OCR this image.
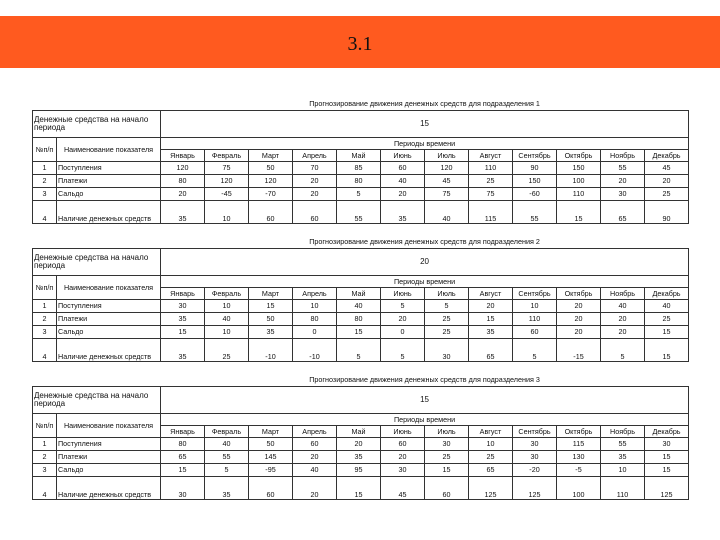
3.1
		Прогнозирование движения денежных средств для подразделения 1											
Денежные средства на начало периода		15											
№п/п	Наименование показателя	Периоды времени											
		Январь	Февраль	Март	Апрель	Май	Июнь	Июль	Август	Сентябрь	Октябрь	Ноябрь	Декабрь
1	Поступления	120	75	50	70	85	60	120	110	90	150	55	45
2	Платежи	80	120	120	20	80	40	45	25	150	100	20	20
3	Сальдо	20	-45	-70	20	5	20	75	75	-60	110	30	25
4	Наличие денежных средств	35	10	60	60	55	35	40	115	55	15	65	90
		Прогнозирование движения денежных средств для подразделения 2											
Денежные средства на начало периода		20											
№п/п	Наименование показателя	Периоды времени											
		Январь	Февраль	Март	Апрель	Май	Июнь	Июль	Август	Сентябрь	Октябрь	Ноябрь	Декабрь
1	Поступления	30	10	15	10	40	5	5	20	10	20	40	40
2	Платежи	35	40	50	80	80	20	25	15	110	20	20	25
3	Сальдо	15	10	35	0	15	0	25	35	60	20	20	15
4	Наличие денежных средств	35	25	-10	-10	5	5	30	65	5	-15	5	15
		Прогнозирование движения денежных средств для подразделения 3											
Денежные средства на начало периода		15											
№п/п	Наименование показателя	Периоды времени											
		Январь	Февраль	Март	Апрель	Май	Июнь	Июль	Август	Сентябрь	Октябрь	Ноябрь	Декабрь
1	Поступления	80	40	50	60	20	60	30	10	30	115	55	30
2	Платежи	65	55	145	20	35	20	25	25	30	130	35	15
3	Сальдо	15	5	-95	40	95	30	15	65	-20	-5	10	15
4	Наличие денежных средств	30	35	60	20	15	45	60	125	125	100	110	125
